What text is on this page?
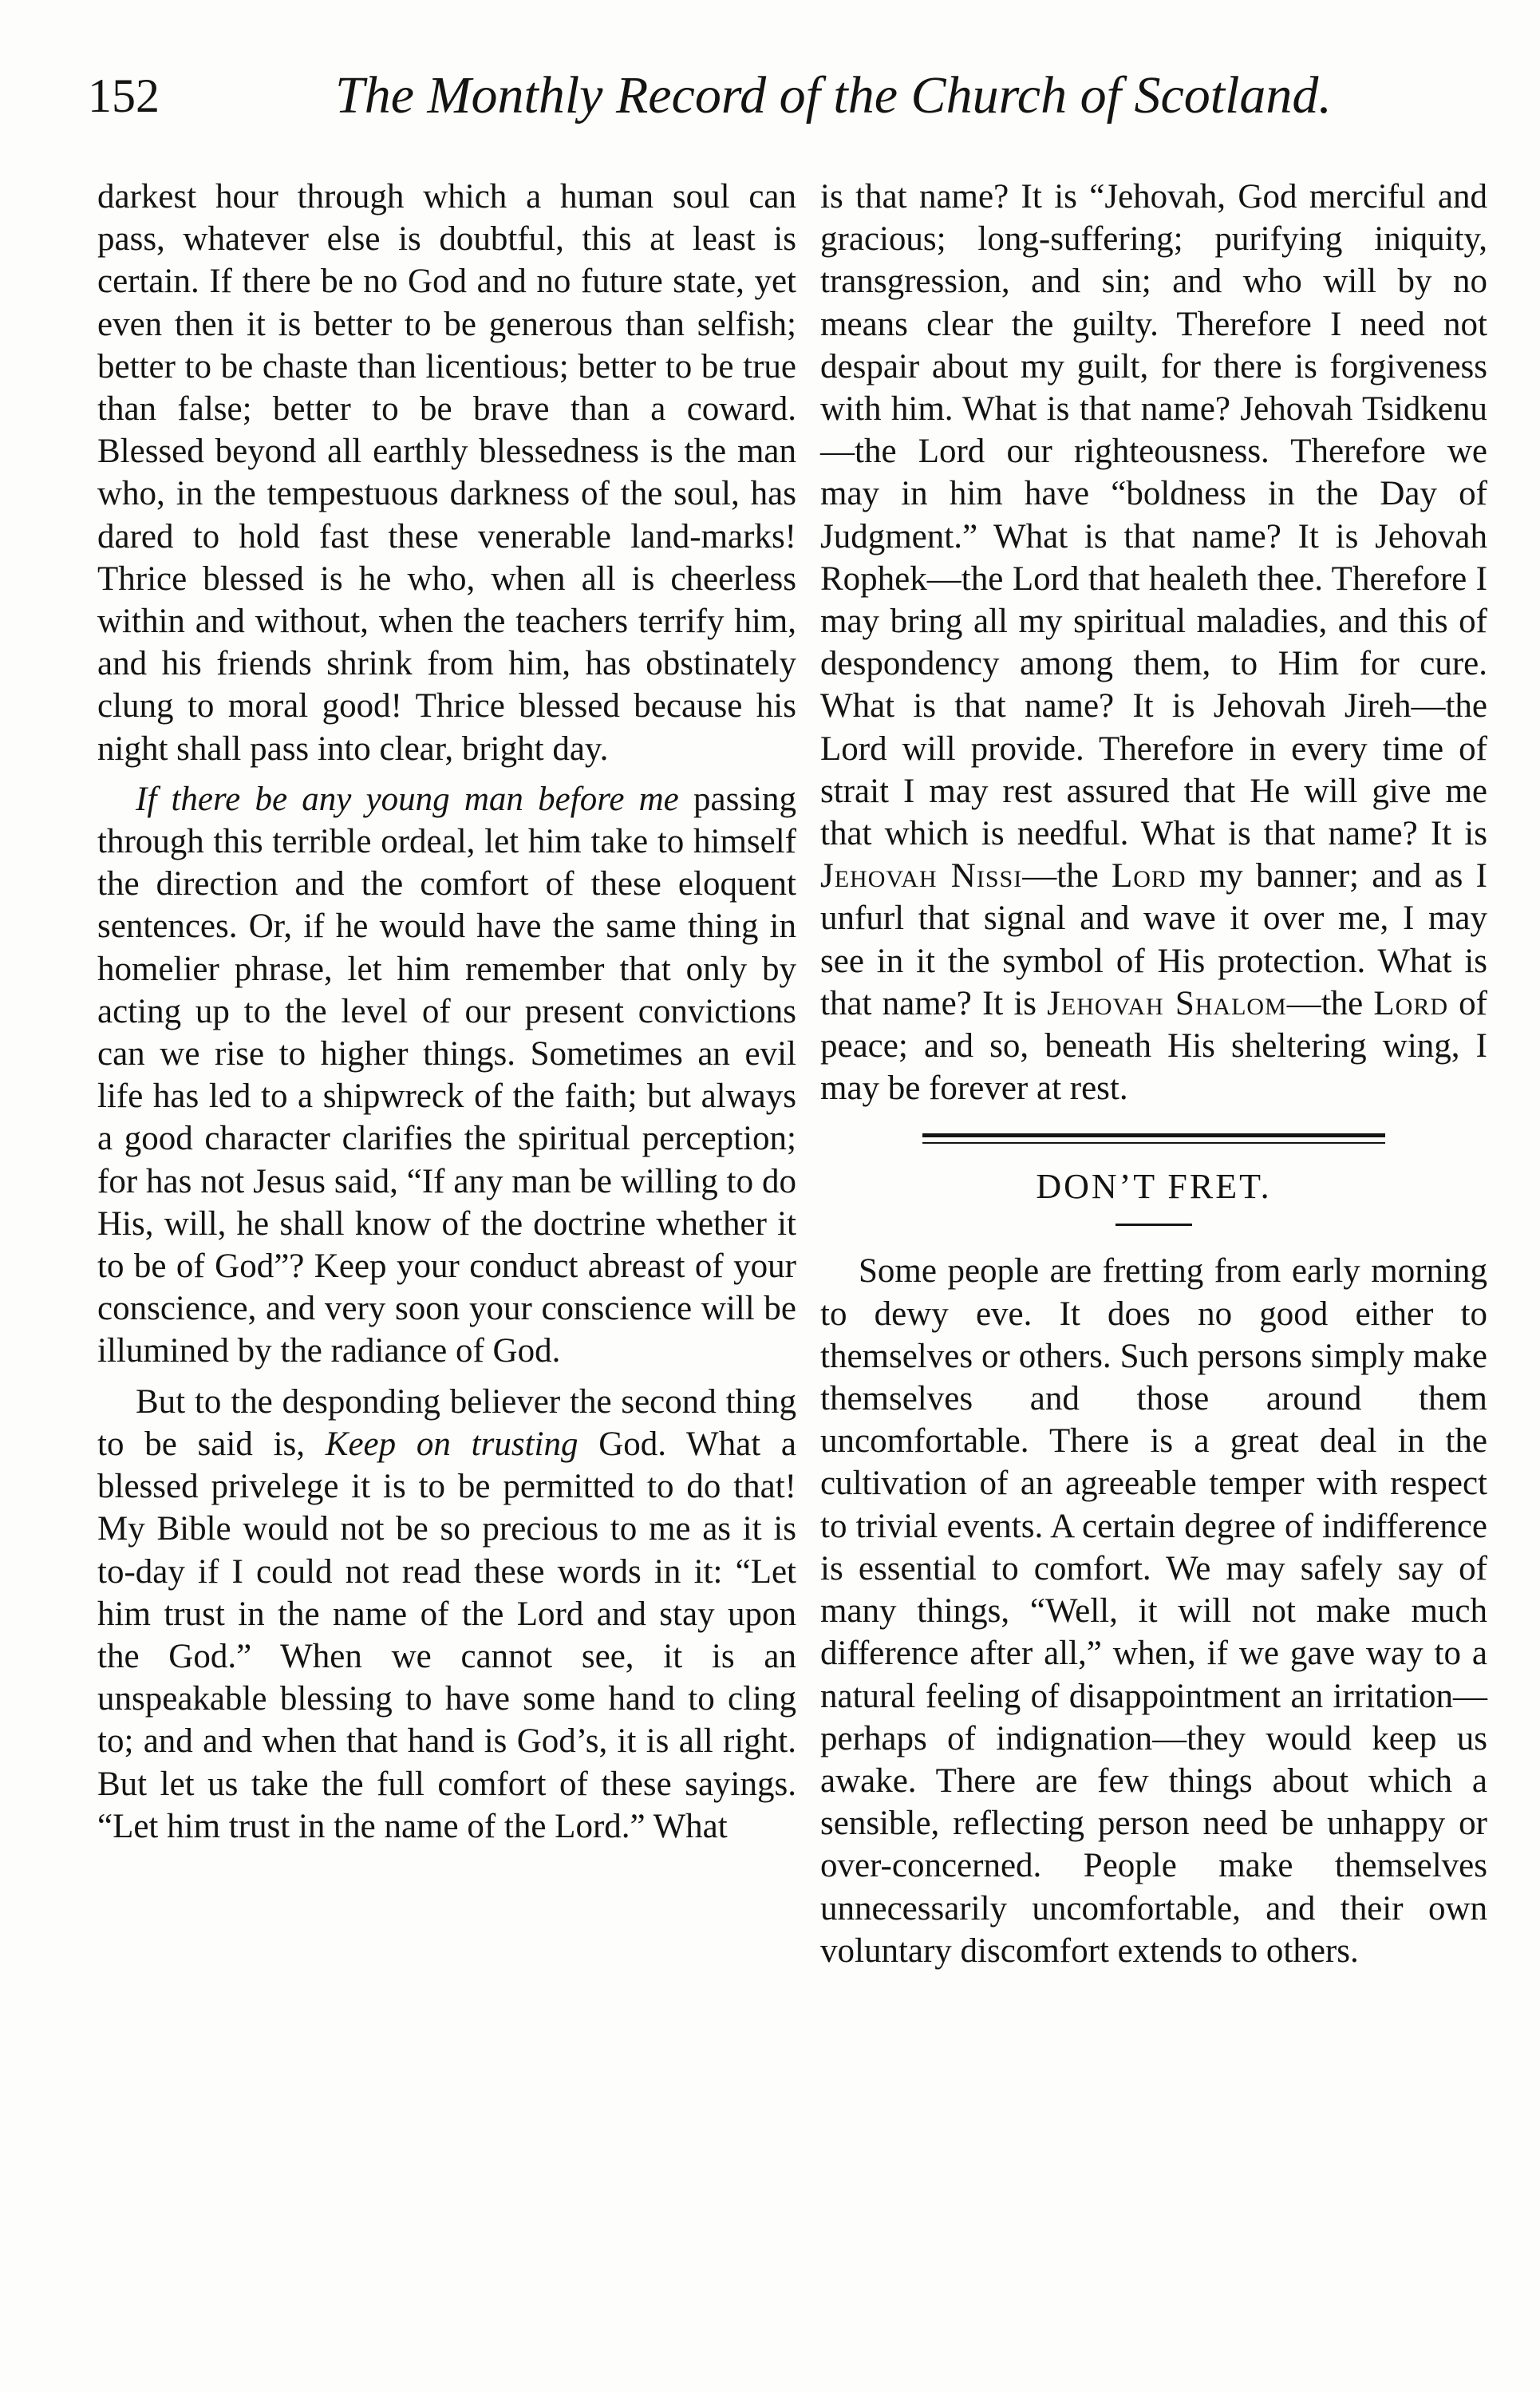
152	The Monthly Record of the Church of Scotland.

darkest hour through which a human soul can pass, whatever else is doubtful, this at least is certain. If there be no God and no future state, yet even then it is better to be generous than selfish; better to be chaste than licentious; better to be true than false; better to be brave than a coward. Blessed beyond all earthly blessedness is the man who, in the tempestuous darkness of the soul, has dared to hold fast these venerable land-marks! Thrice blessed is he who, when all is cheerless within and without, when the teachers terrify him, and his friends shrink from him, has obstinately clung to moral good! Thrice blessed because his night shall pass into clear, bright day.

If there be any young man before me passing through this terrible ordeal, let him take to himself the direction and the comfort of these eloquent sentences. Or, if he would have the same thing in homelier phrase, let him remember that only by acting up to the level of our present convictions can we rise to higher things. Sometimes an evil life has led to a shipwreck of the faith; but always a good character clarifies the spiritual perception; for has not Jesus said, “If any man be willing to do His, will, he shall know of the doctrine whether it to be of God”? Keep your conduct abreast of your conscience, and very soon your conscience will be illumined by the radiance of God.

But to the desponding believer the second thing to be said is, Keep on trusting God. What a blessed privelege it is to be permitted to do that! My Bible would not be so precious to me as it is to-day if I could not read these words in it: “Let him trust in the name of the Lord and stay upon the God.” When we cannot see, it is an unspeakable blessing to have some hand to cling to; and and when that hand is God’s, it is all right. But let us take the full comfort of these sayings. “Let him trust in the name of the Lord.” What

is that name? It is “Jehovah, God merciful and gracious; long-suffering; purifying iniquity, transgression, and sin; and who will by no means clear the guilty. Therefore I need not despair about my guilt, for there is forgiveness with him. What is that name? Jehovah Tsidkenu—the Lord our righteousness. Therefore we may in him have “boldness in the Day of Judgment.” What is that name? It is Jehovah Rophek—the Lord that healeth thee. Therefore I may bring all my spiritual maladies, and this of despondency among them, to Him for cure. What is that name? It is Jehovah Jireh—the Lord will provide. Therefore in every time of strait I may rest assured that He will give me that which is needful. What is that name? It is Jehovah Nissi—the Lord my banner; and as I unfurl that signal and wave it over me, I may see in it the symbol of His protection. What is that name? It is Jehovah Shalom—the Lord of peace; and so, beneath His sheltering wing, I may be forever at rest.

DON’T FRET.

Some people are fretting from early morning to dewy eve. It does no good either to themselves or others. Such persons simply make themselves and those around them uncomfortable. There is a great deal in the cultivation of an agreeable temper with respect to trivial events. A certain degree of indifference is essential to comfort. We may safely say of many things, “Well, it will not make much difference after all,” when, if we gave way to a natural feeling of disappointment an irritation—perhaps of indignation—they would keep us awake. There are few things about which a sensible, reflecting person need be unhappy or over-concerned. People make themselves unnecessarily uncomfortable, and their own voluntary discomfort extends to others.
